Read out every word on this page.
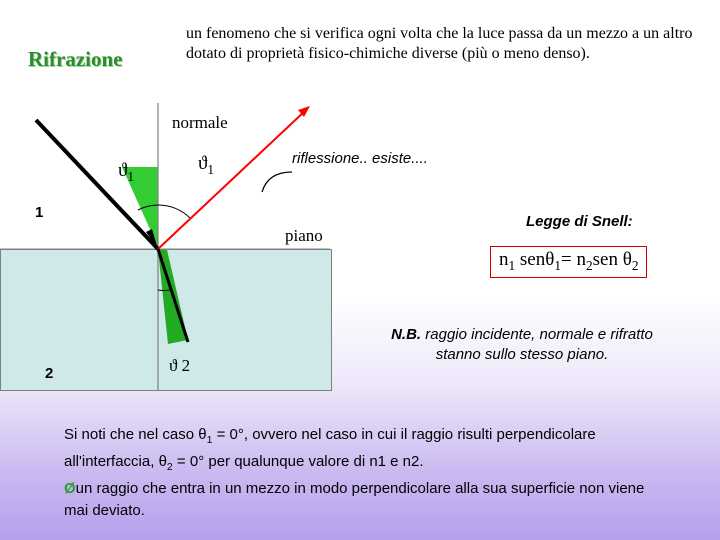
Rifrazione
un fenomeno che si verifica ogni volta che la luce passa da un mezzo a un altro dotato di proprietà fisico-chimiche diverse (più o meno denso).
normale
piano
$ϑ_1$
$ϑ_1$
ϑ 2
1
2
riflessione.. esiste....
Legge di Snell:
$n_1$ $sen\theta_1= n_2sen$ $\theta_2$
N.B. raggio incidente, normale e rifratto stanno sullo stesso piano.
Si noti che nel caso $\theta_1 = 0^\circ$, ovvero nel caso in cui il raggio risulti perpendicolare all'interfaccia, $\theta_2 = 0^\circ$ per qualunque valore di n1 e n2.
Øun raggio che entra in un mezzo in modo perpendicolare alla sua superficie non viene mai deviato.
